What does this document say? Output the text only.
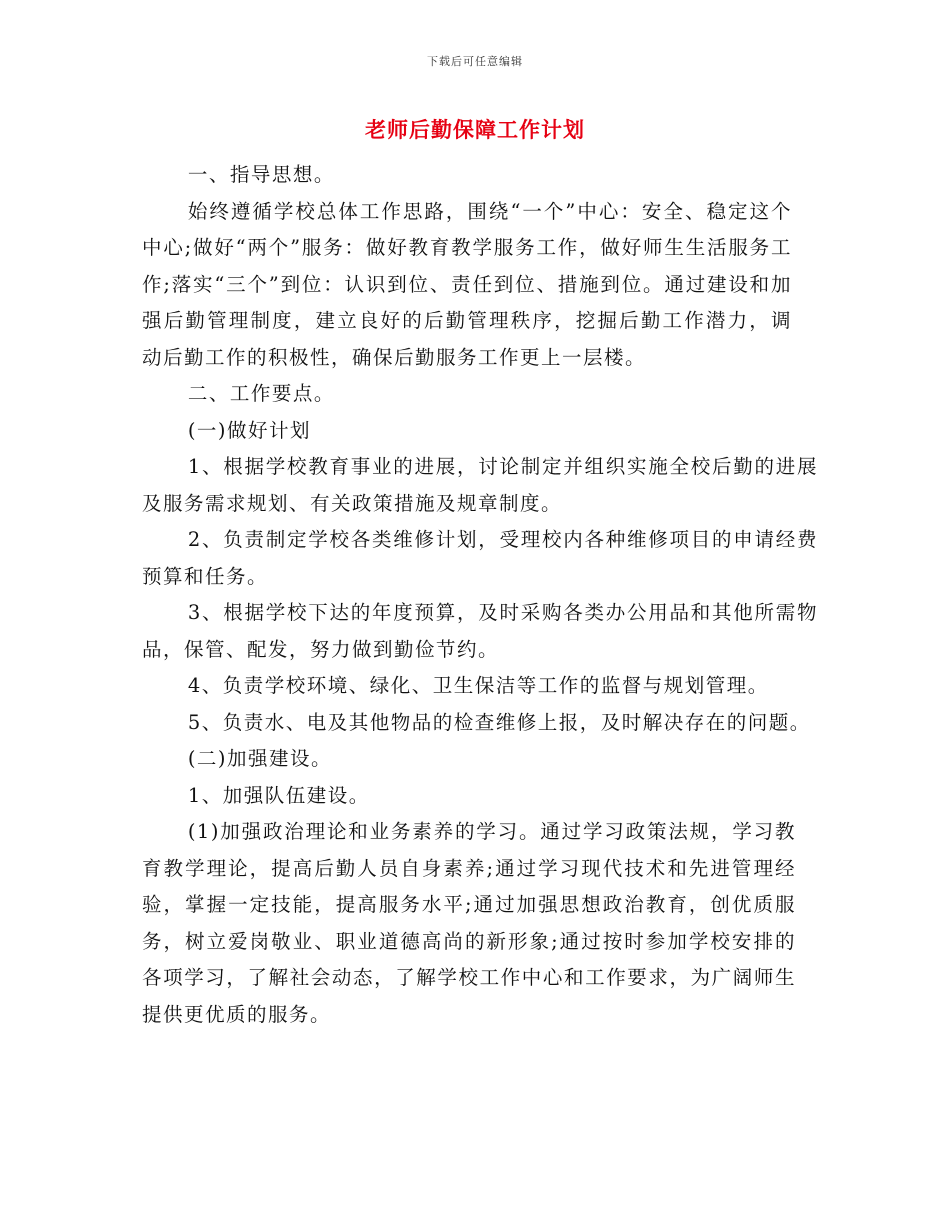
下载后可任意编辑
老师后勤保障工作计划

一、指导思想。

始终遵循学校总体工作思路，围绕“一个”中心：安全、稳定这个中心;做好“两个”服务：做好教育教学服务工作，做好师生生活服务工作;落实“三个”到位：认识到位、责任到位、措施到位。通过建设和加强后勤管理制度，建立良好的后勤管理秩序，挖掘后勤工作潜力，调动后勤工作的积极性，确保后勤服务工作更上一层楼。

二、工作要点。

(一)做好计划

1、根据学校教育事业的进展，讨论制定并组织实施全校后勤的进展及服务需求规划、有关政策措施及规章制度。

2、负责制定学校各类维修计划，受理校内各种维修项目的申请经费预算和任务。

3、根据学校下达的年度预算，及时采购各类办公用品和其他所需物品，保管、配发，努力做到勤俭节约。

4、负责学校环境、绿化、卫生保洁等工作的监督与规划管理。

5、负责水、电及其他物品的检查维修上报，及时解决存在的问题。

(二)加强建设。

1、加强队伍建设。

(1)加强政治理论和业务素养的学习。通过学习政策法规，学习教育教学理论，提高后勤人员自身素养;通过学习现代技术和先进管理经验，掌握一定技能，提高服务水平;通过加强思想政治教育，创优质服务，树立爱岗敬业、职业道德高尚的新形象;通过按时参加学校安排的各项学习，了解社会动态，了解学校工作中心和工作要求，为广阔师生提供更优质的服务。
